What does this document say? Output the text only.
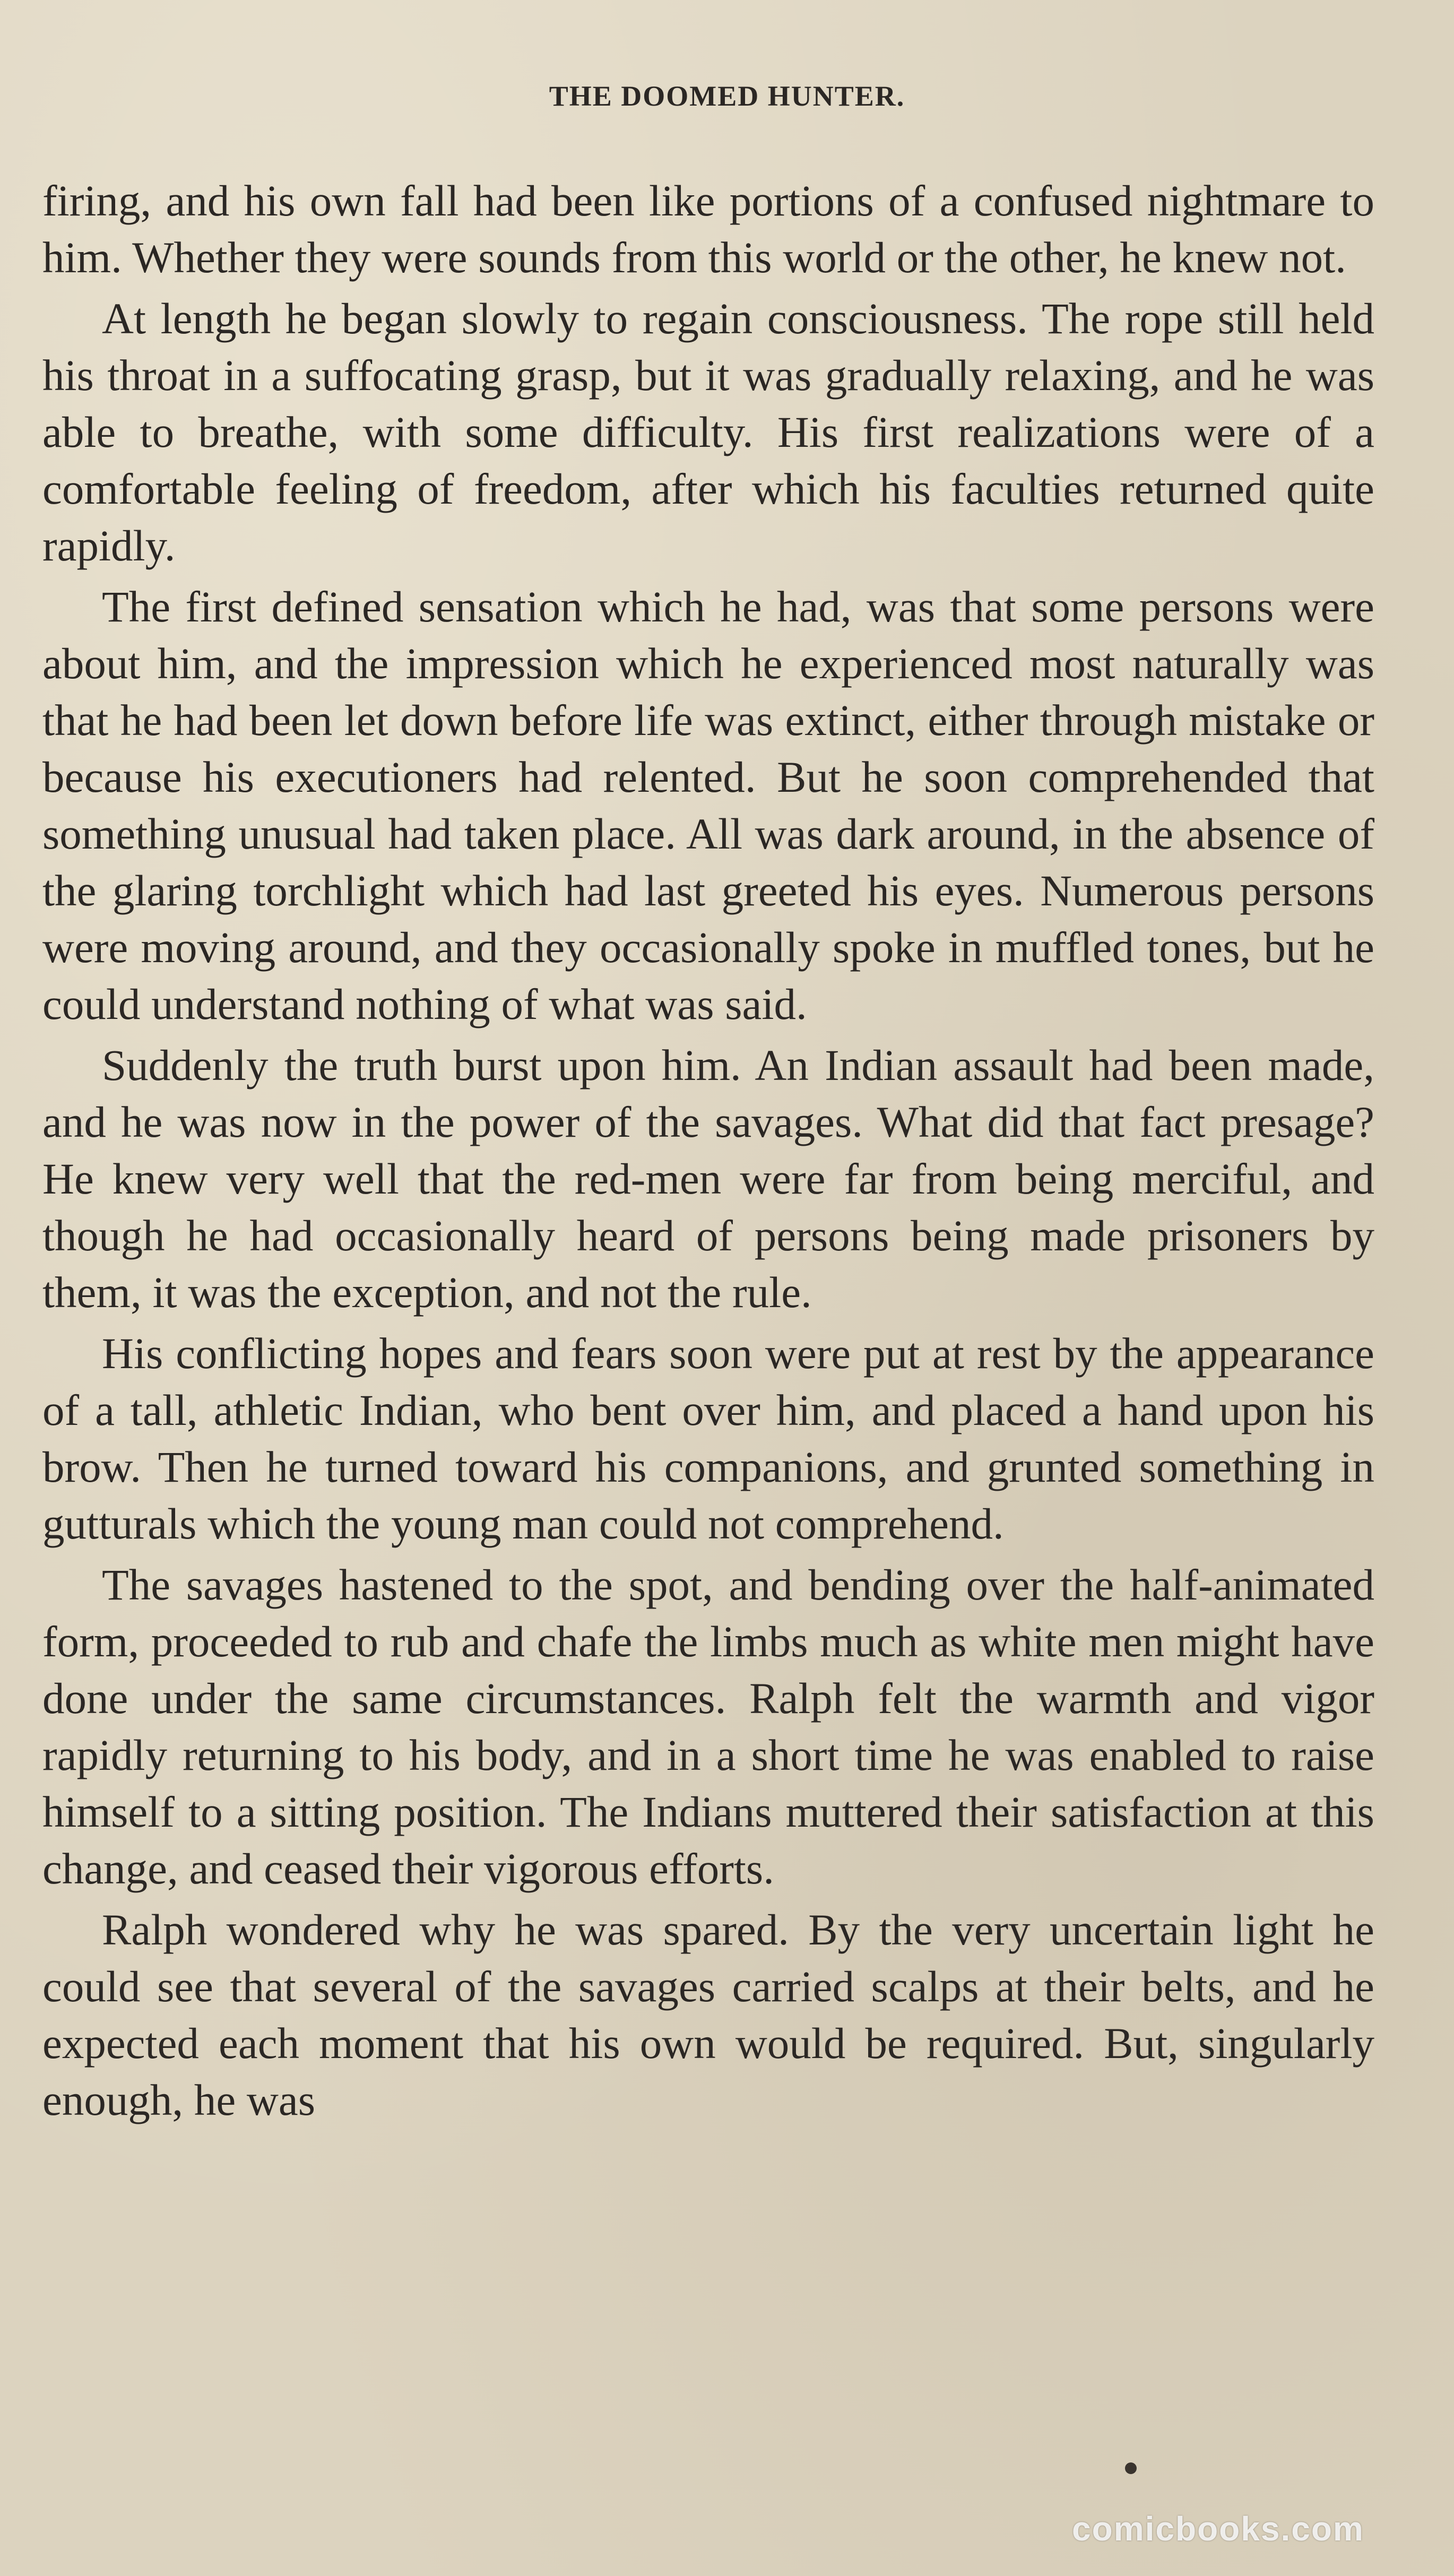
THE DOOMED HUNTER.

firing, and his own fall had been like portions of a confused nightmare to him. Whether they were sounds from this world or the other, he knew not.

At length he began slowly to regain consciousness. The rope still held his throat in a suffocating grasp, but it was gradually relaxing, and he was able to breathe, with some difficulty. His first realizations were of a comfortable feeling of freedom, after which his faculties returned quite rapidly.

The first defined sensation which he had, was that some persons were about him, and the impression which he experienced most naturally was that he had been let down before life was extinct, either through mistake or because his executioners had relented. But he soon comprehended that something unusual had taken place. All was dark around, in the absence of the glaring torchlight which had last greeted his eyes. Numerous persons were moving around, and they occasionally spoke in muffled tones, but he could understand nothing of what was said.

Suddenly the truth burst upon him. An Indian assault had been made, and he was now in the power of the savages. What did that fact presage? He knew very well that the red-men were far from being merciful, and though he had occasionally heard of persons being made prisoners by them, it was the exception, and not the rule.

His conflicting hopes and fears soon were put at rest by the appearance of a tall, athletic Indian, who bent over him, and placed a hand upon his brow. Then he turned toward his companions, and grunted something in gutturals which the young man could not comprehend.

The savages hastened to the spot, and bending over the half-animated form, proceeded to rub and chafe the limbs much as white men might have done under the same circumstances. Ralph felt the warmth and vigor rapidly returning to his body, and in a short time he was enabled to raise himself to a sitting position. The Indians muttered their satisfaction at this change, and ceased their vigorous efforts.

Ralph wondered why he was spared. By the very uncertain light he could see that several of the savages carried scalps at their belts, and he expected each moment that his own would be required. But, singularly enough, he was

comicbooks.com
